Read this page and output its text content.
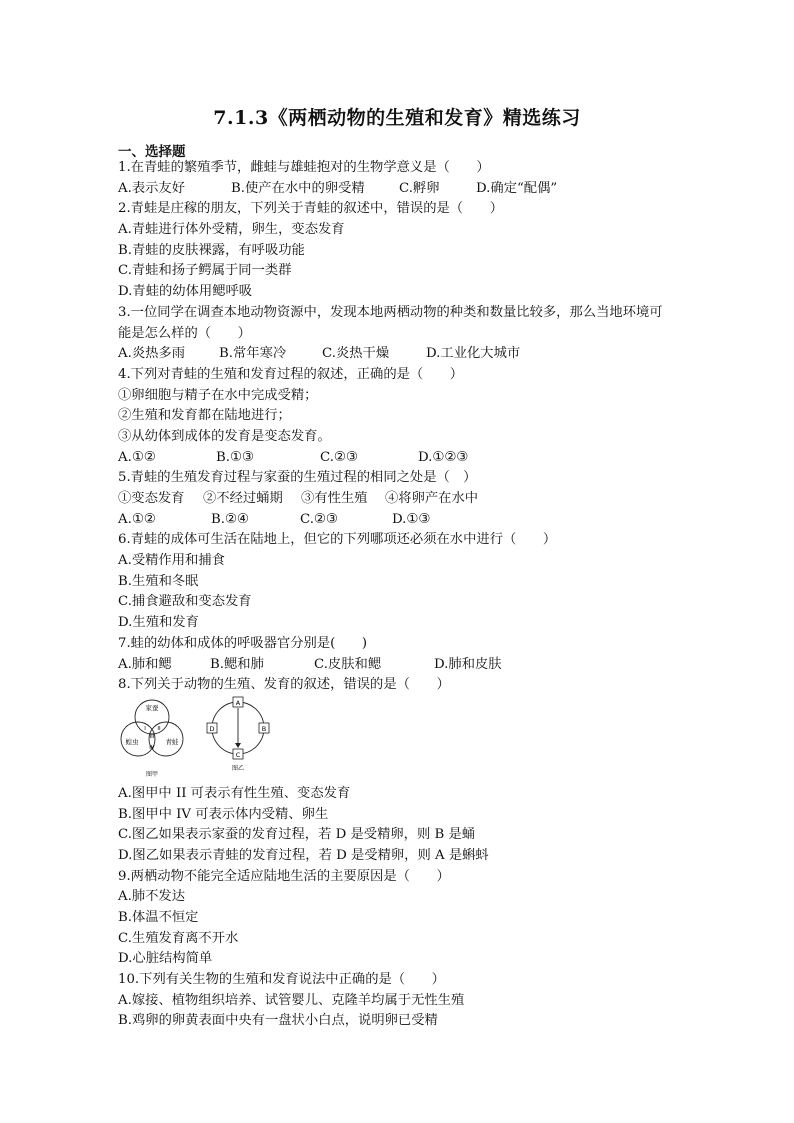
7.1.3《两栖动物的生殖和发育》精选练习
一、选择题
1.在青蛙的繁殖季节，雌蛙与雄蛙抱对的生物学意义是（　　）
A.表示友好	B.使产在水中的卵受精	C.孵卵	D.确定“配偶”
2.青蛙是庄稼的朋友，下列关于青蛙的叙述中，错误的是（　　）
A.青蛙进行体外受精，卵生，变态发育
B.青蛙的皮肤裸露，有呼吸功能
C.青蛙和扬子鳄属于同一类群
D.青蛙的幼体用鳃呼吸
3.一位同学在调查本地动物资源中，发现本地两栖动物的种类和数量比较多，那么当地环境可
能是怎么样的（　　）
A.炎热多雨	B.常年寒冷	C.炎热干燥	D.工业化大城市
4.下列对青蛙的生殖和发育过程的叙述，正确的是（　　）
①卵细胞与精子在水中完成受精；
②生殖和发育都在陆地进行；
③从幼体到成体的发育是变态发育。
A.①②	B.①③	C.②③	D.①②③
5.青蛙的生殖发育过程与家蚕的生殖过程的相同之处是（　）
①变态发育	②不经过蛹期	③有性生殖	④将卵产在水中
A.①②	B.②④	C.②③	D.①③
6.青蛙的成体可生活在陆地上，但它的下列哪项还必须在水中进行（　　）
A.受精作用和捕食
B.生殖和冬眠
C.捕食避敌和变态发育
D.生殖和发育
7.蛙的幼体和成体的呼吸器官分别是(　　)
A.肺和鳃	B.鳃和肺	C.皮肤和鳃	D.肺和皮肤
8.下列关于动物的生殖、发育的叙述，错误的是（　　）
家蚕
蝗虫	青蛙
I II
III
IV
图甲
A
B
C
D
图乙
A.图甲中 II 可表示有性生殖、变态发育
B.图甲中 IV 可表示体内受精、卵生
C.图乙如果表示家蚕的发育过程，若 D 是受精卵，则 B 是蛹
D.图乙如果表示青蛙的发育过程，若 D 是受精卵，则 A 是蝌蚪
9.两栖动物不能完全适应陆地生活的主要原因是（　　）
A.肺不发达
B.体温不恒定
C.生殖发育离不开水
D.心脏结构简单
10.下列有关生物的生殖和发育说法中正确的是（　　）
A.嫁接、植物组织培养、试管婴儿、克隆羊均属于无性生殖
B.鸡卵的卵黄表面中央有一盘状小白点，说明卵已受精
